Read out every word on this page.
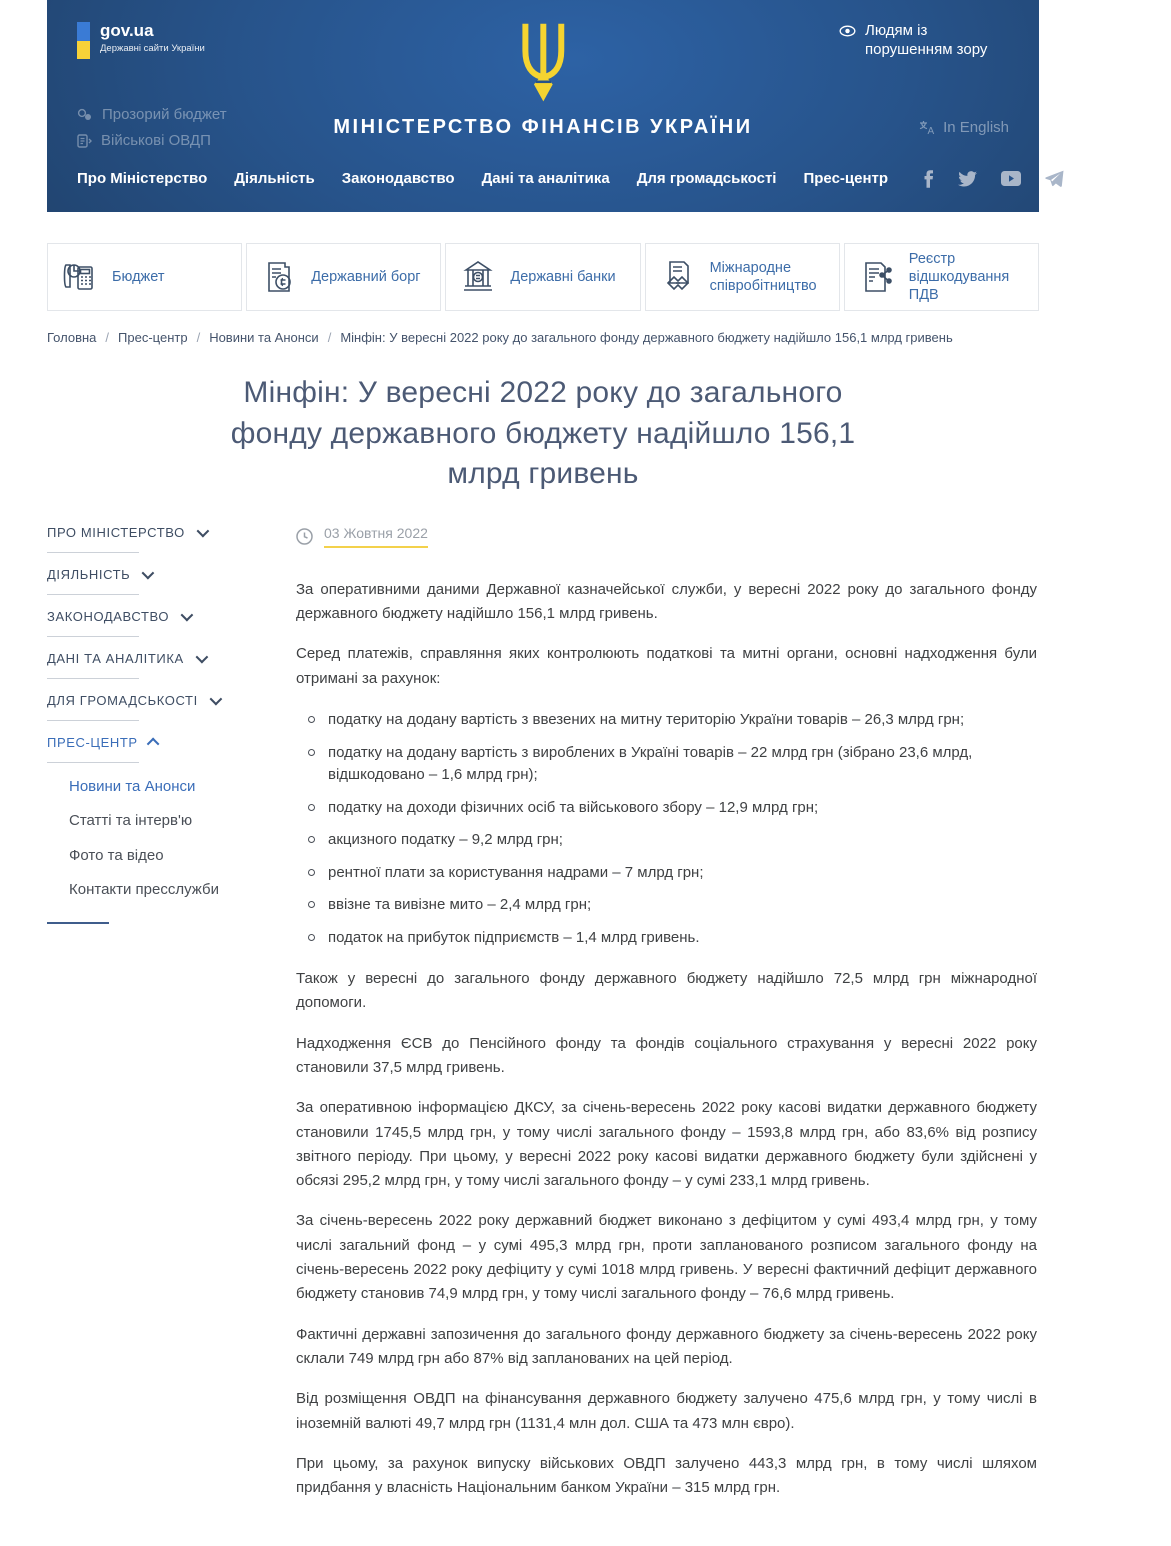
gov.ua
Державні сайти України
Людям із порушенням зору
Прозорий бюджет
Військові ОВДП
МІНІСТЕРСТВО ФІНАНСІВ УКРАЇНИ	A In English
Про Міністерство Діяльність Законодавство Дані та аналітика Для громадськості Прес-центр	Пошук
Бюджет	Державний борг	Державні банки
Міжнародне співробітництво
Реєстр відшкодування ПДВ
Головна / Прес-центр / Новини та Анонси / Мінфін: У вересні 2022 року до загального фонду державного бюджету надійшло 156,1 млрд гривень
Мінфін: У вересні 2022 року до загального фонду державного бюджету надійшло 156,1 млрд гривень
ПРО МІНІСТЕРСТВО
ДІЯЛЬНІСТЬ
ЗАКОНОДАВСТВО
ДАНІ ТА АНАЛІТИКА
ДЛЯ ГРОМАДСЬКОСТІ
ПРЕС-ЦЕНТР
Новини та Анонси
Статті та інтерв'ю
Фото та відео
Контакти пресслужби
03 Жовтня 2022

За оперативними даними Державної казначейської служби, у вересні 2022 року до загального фонду державного бюджету надійшло 156,1 млрд гривень.

Серед платежів, справляння яких контролюють податкові та митні органи, основні надходження були отримані за рахунок:

податку на додану вартість з ввезених на митну територію України товарів – 26,3 млрд грн;
податку на додану вартість з вироблених в Україні товарів – 22 млрд грн (зібрано 23,6 млрд, відшкодовано – 1,6 млрд грн);
податку на доходи фізичних осіб та військового збору – 12,9 млрд грн;
акцизного податку – 9,2 млрд грн;
рентної плати за користування надрами – 7 млрд грн;
ввізне та вивізне мито – 2,4 млрд грн;
податок на прибуток підприємств – 1,4 млрд гривень.

Також у вересні до загального фонду державного бюджету надійшло 72,5 млрд грн міжнародної допомоги.

Надходження ЄСВ до Пенсійного фонду та фондів соціального страхування у вересні 2022 року становили 37,5 млрд гривень.

За оперативною інформацією ДКСУ, за січень-вересень 2022 року касові видатки державного бюджету становили 1745,5 млрд грн, у тому числі загального фонду – 1593,8 млрд грн, або 83,6% від розпису звітного періоду. При цьому, у вересні 2022 року касові видатки державного бюджету були здійснені у обсязі 295,2 млрд грн, у тому числі загального фонду – у сумі 233,1 млрд гривень.

За січень-вересень 2022 року державний бюджет виконано з дефіцитом у сумі 493,4 млрд грн, у тому числі загальний фонд – у сумі 495,3 млрд грн, проти запланованого розписом загального фонду на січень-вересень 2022 року дефіциту у сумі 1018 млрд гривень. У вересні фактичний дефіцит державного бюджету становив 74,9 млрд грн, у тому числі загального фонду – 76,6 млрд гривень.

Фактичні державні запозичення до загального фонду державного бюджету за січень-вересень 2022 року склали 749 млрд грн або 87% від запланованих на цей період.

Від розміщення ОВДП на фінансування державного бюджету залучено 475,6 млрд грн, у тому числі в іноземній валюті 49,7 млрд грн (1131,4 млн дол. США та 473 млн євро).

При цьому, за рахунок випуску військових ОВДП залучено 443,3 млрд грн, в тому числі шляхом придбання у власність Національним банком України – 315 млрд грн.
